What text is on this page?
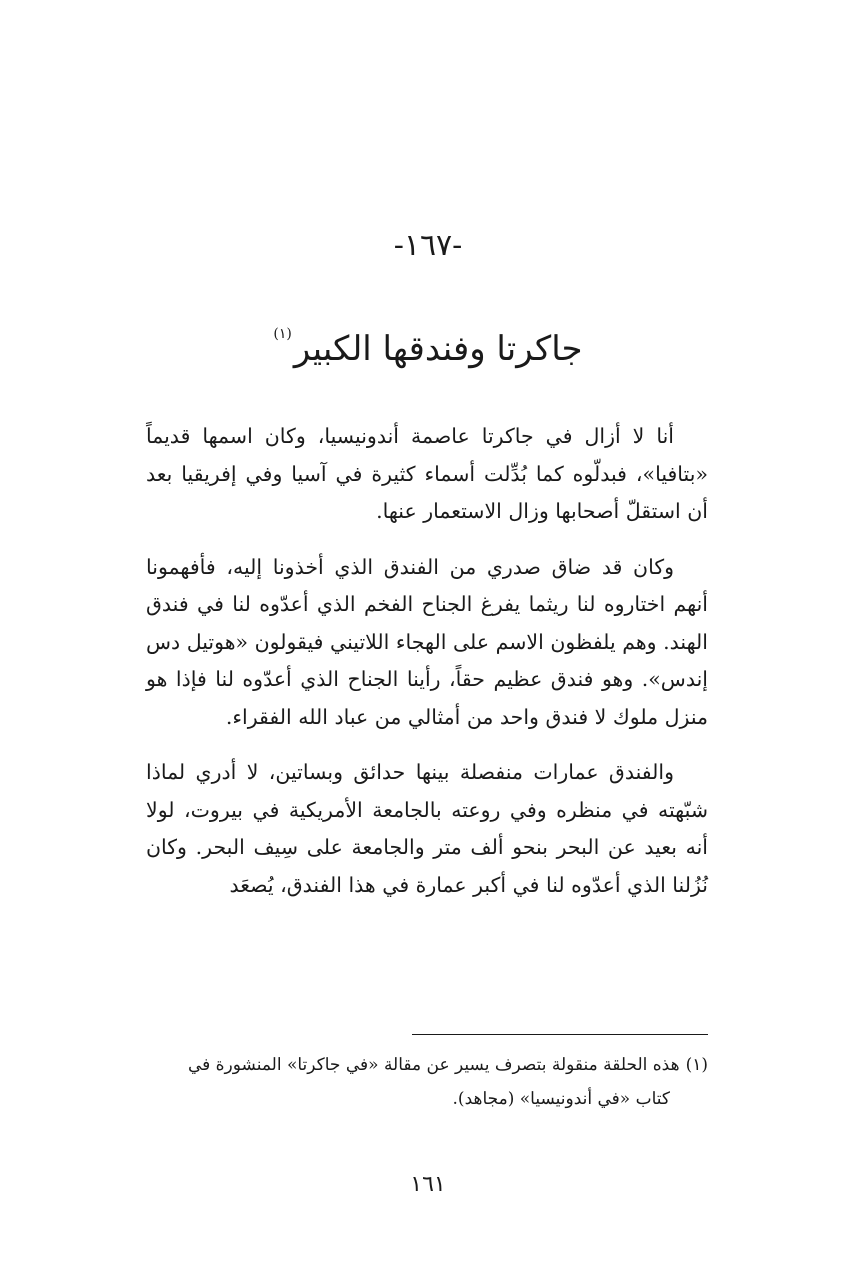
-١٦٧-
جاكرتا وفندقها الكبير$^{(١)}$

أنا لا أزال في جاكرتا عاصمة أندونيسيا، وكان اسمها قديماً «بتافيا»، فبدلّوه كما بُدِّلت أسماء كثيرة في آسيا وفي إفريقيا بعد أن استقلّ أصحابها وزال الاستعمار عنها.

وكان قد ضاق صدري من الفندق الذي أخذونا إليه، فأفهمونا أنهم اختاروه لنا ريثما يفرغ الجناح الفخم الذي أعدّوه لنا في فندق الهند. وهم يلفظون الاسم على الهجاء اللاتيني فيقولون «هوتيل دس إندس». وهو فندق عظيم حقاً، رأينا الجناح الذي أعدّوه لنا فإذا هو منزل ملوك لا فندق واحد من أمثالي من عباد الله الفقراء.

والفندق عمارات منفصلة بينها حدائق وبساتين، لا أدري لماذا شبّهته في منظره وفي روعته بالجامعة الأمريكية في بيروت، لولا أنه بعيد عن البحر بنحو ألف متر والجامعة على سِيف البحر. وكان نُزُلنا الذي أعدّوه لنا في أكبر عمارة في هذا الفندق، يُصعَد

(١)هذه الحلقة منقولة بتصرف يسير عن مقالة «في جاكرتا» المنشورة في
كتاب «في أندونيسيا» (مجاهد).
١٦١
